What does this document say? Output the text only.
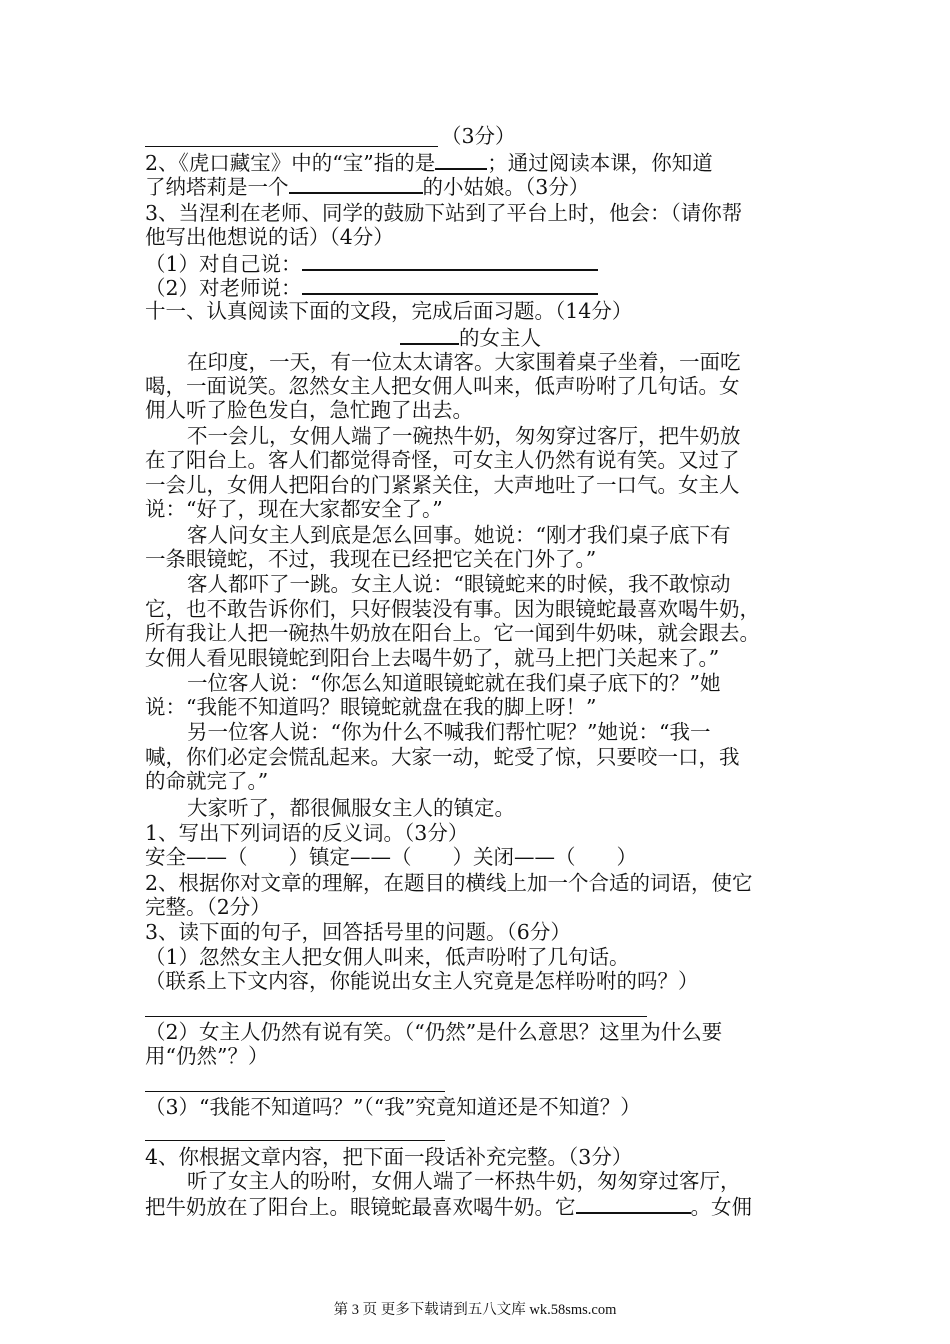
（3分）
2、《虎口藏宝》中的“宝”指的是	；通过阅读本课，你知道
了纳塔莉是一个	的小姑娘。（3分）
3、当涅利在老师、同学的鼓励下站到了平台上时，他会：（请你帮
他写出他想说的话）（4分）
（1）对自己说：
（2）对老师说：
十一、认真阅读下面的文段，完成后面习题。（14分）
的女主人
在印度，一天，有一位太太请客。大家围着桌子坐着，一面吃
喝，一面说笑。忽然女主人把女佣人叫来，低声吩咐了几句话。女
佣人听了脸色发白，急忙跑了出去。
不一会儿，女佣人端了一碗热牛奶，匆匆穿过客厅，把牛奶放
在了阳台上。客人们都觉得奇怪，可女主人仍然有说有笑。又过了
一会儿，女佣人把阳台的门紧紧关住，大声地吐了一口气。女主人
说：“好了，现在大家都安全了。”
客人问女主人到底是怎么回事。她说：“刚才我们桌子底下有
一条眼镜蛇，不过，我现在已经把它关在门外了。”
客人都吓了一跳。女主人说：“眼镜蛇来的时候，我不敢惊动
它，也不敢告诉你们，只好假装没有事。因为眼镜蛇最喜欢喝牛奶，
所有我让人把一碗热牛奶放在阳台上。它一闻到牛奶味，就会跟去。
女佣人看见眼镜蛇到阳台上去喝牛奶了，就马上把门关起来了。”
一位客人说：“你怎么知道眼镜蛇就在我们桌子底下的？”她
说：“我能不知道吗？眼镜蛇就盘在我的脚上呀！”
另一位客人说：“你为什么不喊我们帮忙呢？”她说：“我一
喊，你们必定会慌乱起来。大家一动，蛇受了惊，只要咬一口，我
的命就完了。”
大家听了，都很佩服女主人的镇定。
1、写出下列词语的反义词。（3分）
安全——（　　）镇定——（　　）关闭——（　　）
2、根据你对文章的理解，在题目的横线上加一个合适的词语，使它
完整。（2分）
3、读下面的句子，回答括号里的问题。（6分）
（1）忽然女主人把女佣人叫来，低声吩咐了几句话。
（联系上下文内容，你能说出女主人究竟是怎样吩咐的吗？）
（2）女主人仍然有说有笑。（“仍然”是什么意思？这里为什么要
用“仍然”？）
（3）“我能不知道吗？”（“我”究竟知道还是不知道？）
4、你根据文章内容，把下面一段话补充完整。（3分）
听了女主人的吩咐，女佣人端了一杯热牛奶，匆匆穿过客厅，
把牛奶放在了阳台上。眼镜蛇最喜欢喝牛奶。它	。女佣
第 3 页 更多下载请到五八文库 wk.58sms.com
